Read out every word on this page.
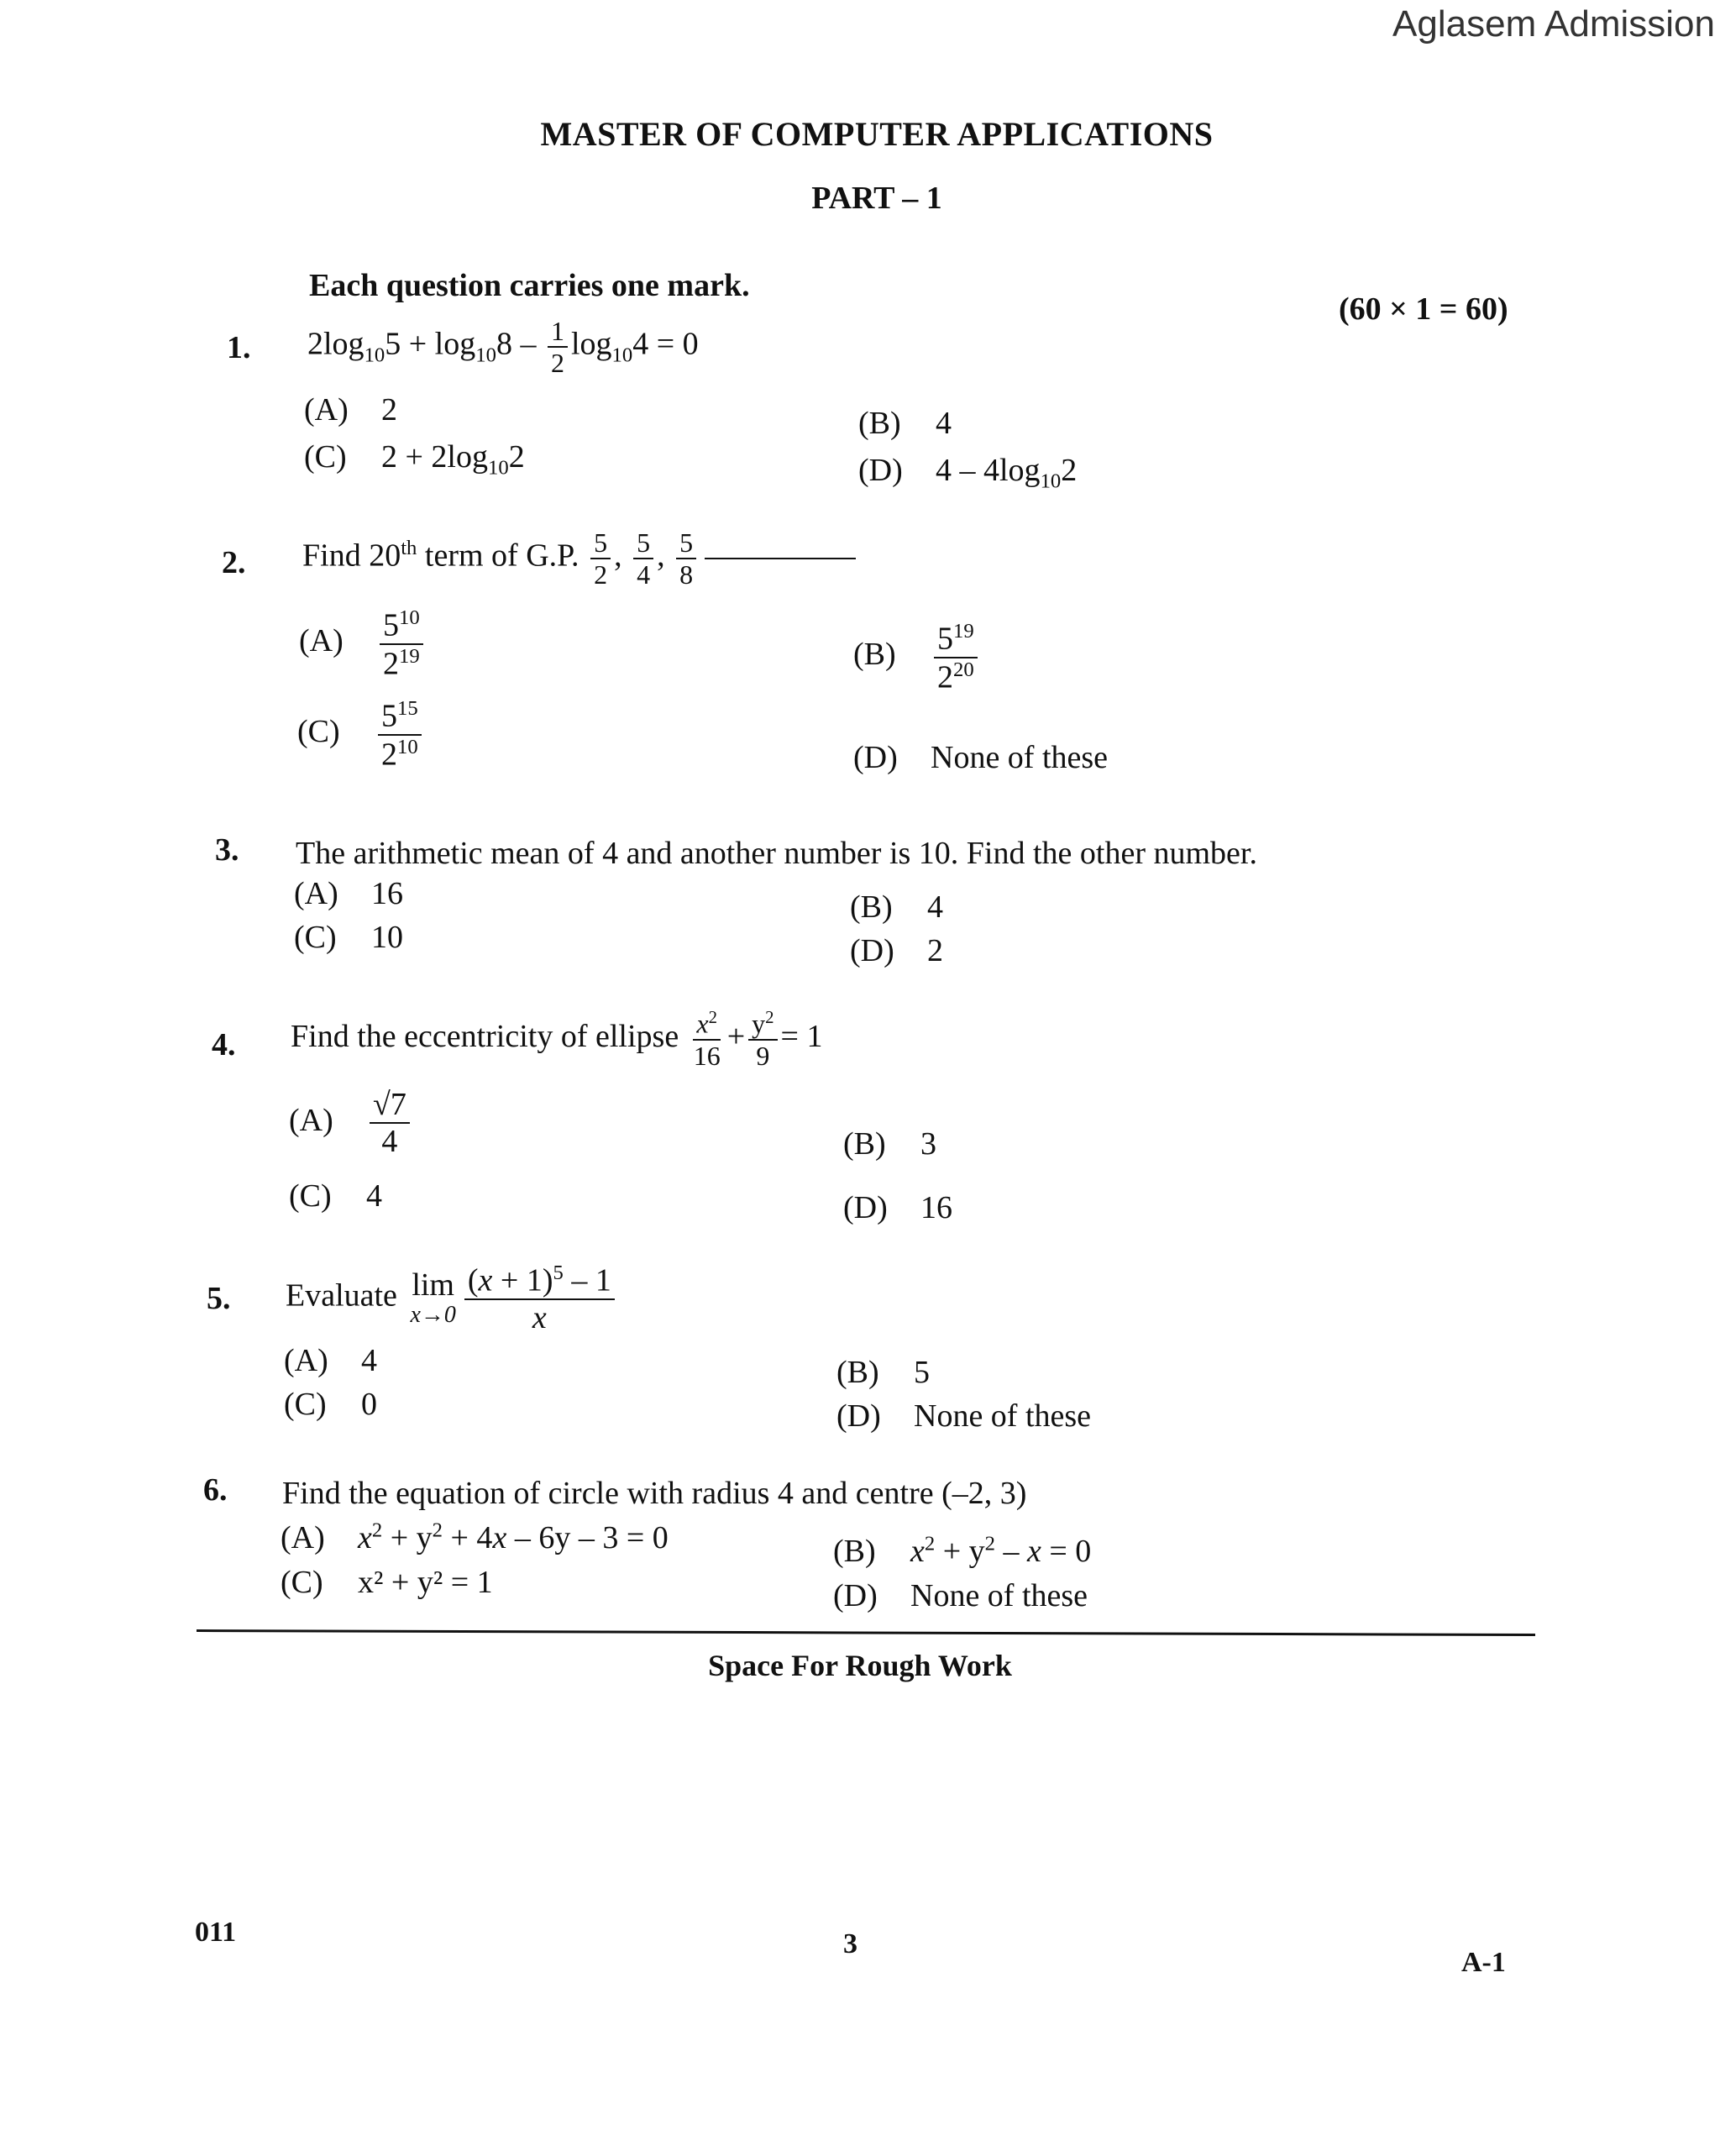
Aglasem Admission
MASTER OF COMPUTER APPLICATIONS
PART – 1
Each question carries one mark.
(60 × 1 = 60)
1. $2\log_{10}5 + \log_{10}8 - \frac{1}{2} \log_{10}4 = 0$
(A) 2	(B) 4
(C) $2 + 2\log_{10}2$	(D) $4 - 4\log_{10}2$
2. Find 20th term of G.P. $\frac{5}{2}$ , $\frac{5}{4}$ , $\frac{5}{8}$
$(A) \frac{5^{10}}{2^{19}}$	$(B) \frac{5^{19}}{2^{20}}$
$(C) \frac{5^{15}}{2^{10}}$	(D) None of these
3. The arithmetic mean of 4 and another number is 10. Find the other number.
(A) 16	(B) 4
(C) 10	(D) 2
4. Find the eccentricity of ellipse $\frac{x^2}{16} + \frac{y^2}{9} = 1$
$(A) \frac{√7}{4}$	(B) 3
(C) 4	(D) 16
5. Evaluate lim
$x\to 0 \frac{(x + 1)^5 - 1}{x}$
(A) 4	(B) 5
(C) 0	(D) None of these
6. Find the equation of circle with radius 4 and centre (–2, 3)
(A) $x^2 + y^2 + 4x - 6y - 3 = 0$	(B) $x^2 + y^2 - x = 0$
(C) x² + y² = 1	(D) None of these
Space For Rough Work
011	3
A-1
